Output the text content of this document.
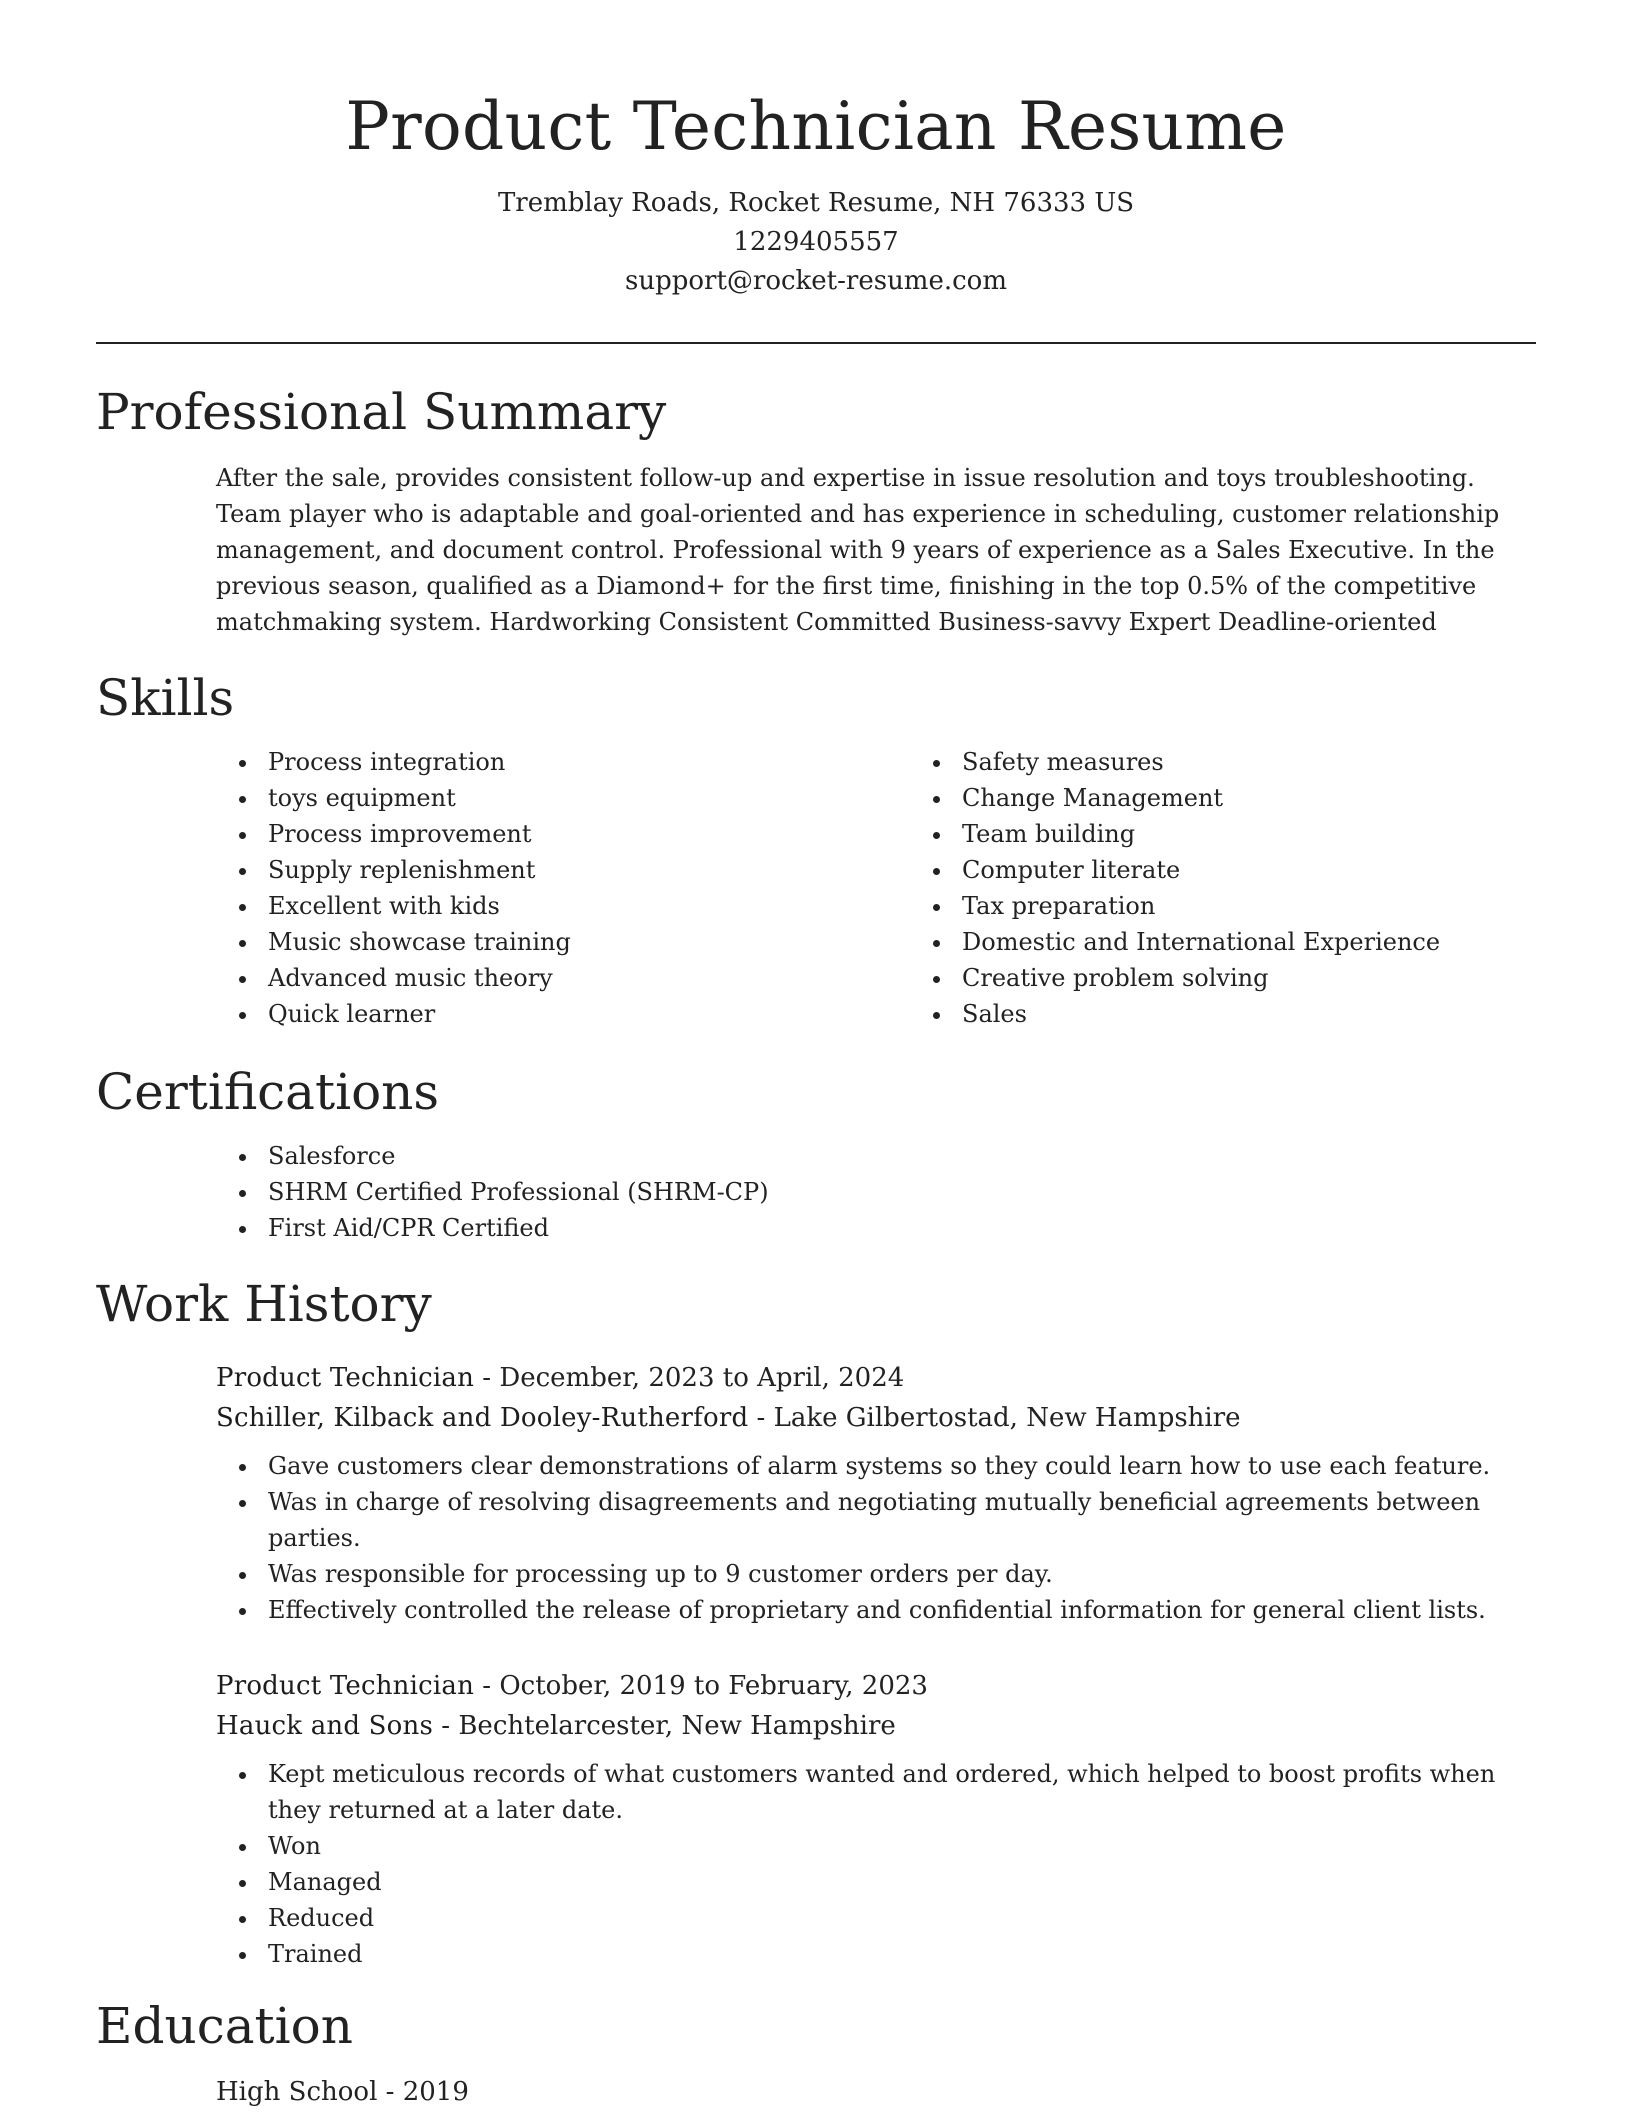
Product Technician Resume
Tremblay Roads, Rocket Resume, NH 76333 US
1229405557
support@rocket-resume.com
Professional Summary
After the sale, provides consistent follow-up and expertise in issue resolution and toys troubleshooting. Team player who is adaptable and goal-oriented and has experience in scheduling, customer relationship management, and document control. Professional with 9 years of experience as a Sales Executive. In the previous season, qualified as a Diamond+ for the first time, finishing in the top 0.5% of the competitive matchmaking system. Hardworking Consistent Committed Business-savvy Expert Deadline-oriented
Skills
• Process integration
• toys equipment
• Process improvement
• Supply replenishment
• Excellent with kids
• Music showcase training
• Advanced music theory
• Quick learner
• Safety measures
• Change Management
• Team building
• Computer literate
• Tax preparation
• Domestic and International Experience
• Creative problem solving
• Sales
Certifications
• Salesforce
• SHRM Certified Professional (SHRM-CP)
• First Aid/CPR Certified
Work History
Product Technician - December, 2023 to April, 2024
Schiller, Kilback and Dooley-Rutherford - Lake Gilbertostad, New Hampshire
• Gave customers clear demonstrations of alarm systems so they could learn how to use each feature.
• Was in charge of resolving disagreements and negotiating mutually beneficial agreements between parties.
• Was responsible for processing up to 9 customer orders per day.
• Effectively controlled the release of proprietary and confidential information for general client lists.
Product Technician - October, 2019 to February, 2023
Hauck and Sons - Bechtelarcester, New Hampshire
• Kept meticulous records of what customers wanted and ordered, which helped to boost profits when they returned at a later date.
• Won
• Managed
• Reduced
• Trained
Education
High School - 2019
